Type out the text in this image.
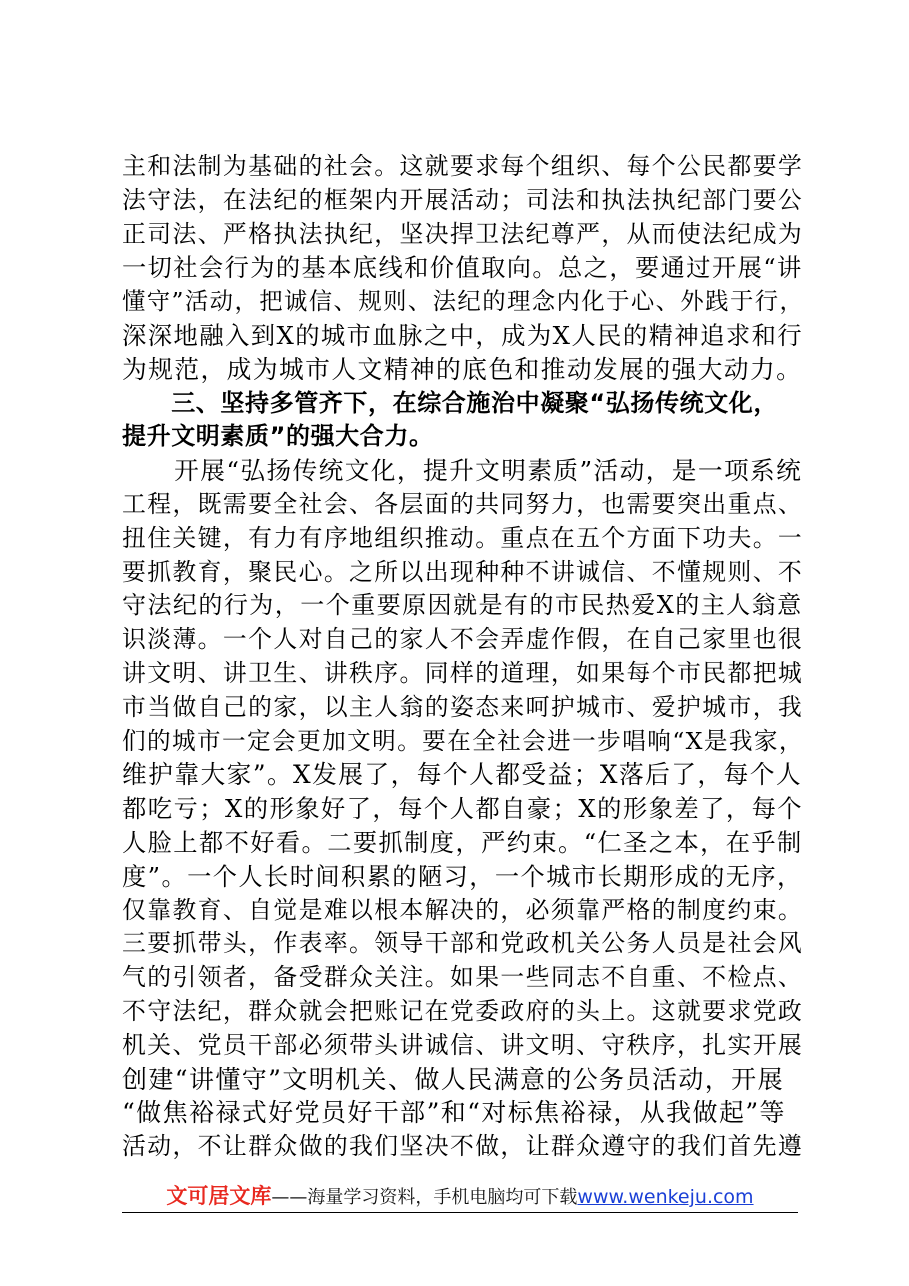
主和法制为基础的社会。这就要求每个组织、每个公民都要学
法守法，在法纪的框架内开展活动；司法和执法执纪部门要公
正司法、严格执法执纪，坚决捍卫法纪尊严，从而使法纪成为
一切社会行为的基本底线和价值取向。总之，要通过开展“讲
懂守”活动，把诚信、规则、法纪的理念内化于心、外践于行，
深深地融入到X的城市血脉之中，成为X人民的精神追求和行
为规范，成为城市人文精神的底色和推动发展的强大动力。
　　三、坚持多管齐下，在综合施治中凝聚“弘扬传统文化，
提升文明素质”的强大合力。
　　开展“弘扬传统文化，提升文明素质”活动，是一项系统
工程，既需要全社会、各层面的共同努力，也需要突出重点、
扭住关键，有力有序地组织推动。重点在五个方面下功夫。一
要抓教育，聚民心。之所以出现种种不讲诚信、不懂规则、不
守法纪的行为，一个重要原因就是有的市民热爱X的主人翁意
识淡薄。一个人对自己的家人不会弄虚作假，在自己家里也很
讲文明、讲卫生、讲秩序。同样的道理，如果每个市民都把城
市当做自己的家，以主人翁的姿态来呵护城市、爱护城市，我
们的城市一定会更加文明。要在全社会进一步唱响“X是我家，
维护靠大家”。X发展了，每个人都受益；X落后了，每个人
都吃亏；X的形象好了，每个人都自豪；X的形象差了，每个
人脸上都不好看。二要抓制度，严约束。“仁圣之本，在乎制
度”。一个人长时间积累的陋习，一个城市长期形成的无序，
仅靠教育、自觉是难以根本解决的，必须靠严格的制度约束。
三要抓带头，作表率。领导干部和党政机关公务人员是社会风
气的引领者，备受群众关注。如果一些同志不自重、不检点、
不守法纪，群众就会把账记在党委政府的头上。这就要求党政
机关、党员干部必须带头讲诚信、讲文明、守秩序，扎实开展
创建“讲懂守”文明机关、做人民满意的公务员活动，开展
“做焦裕禄式好党员好干部”和“对标焦裕禄，从我做起”等
活动，不让群众做的我们坚决不做，让群众遵守的我们首先遵
文可居文库——海量学习资料，手机电脑均可下载www.wenkeju.com
